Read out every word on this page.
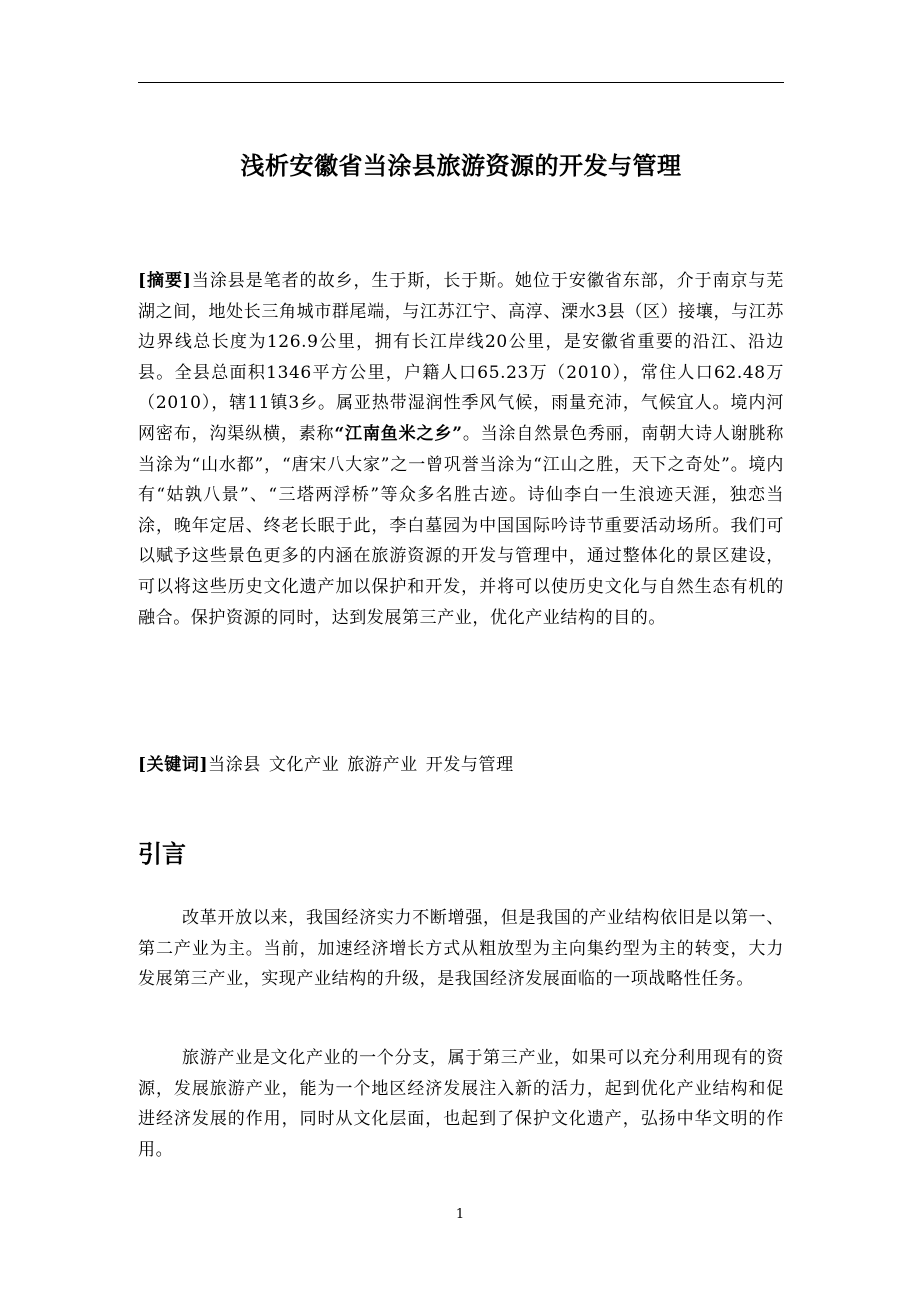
浅析安徽省当涂县旅游资源的开发与管理
[摘要]当涂县是笔者的故乡，生于斯，长于斯。她位于安徽省东部，介于南京与芜湖之间，地处长三角城市群尾端，与江苏江宁、高淳、溧水3县（区）接壤，与江苏边界线总长度为126.9公里，拥有长江岸线20公里，是安徽省重要的沿江、沿边县。全县总面积1346平方公里，户籍人口65.23万（2010），常住人口62.48万（2010），辖11镇3乡。属亚热带湿润性季风气候，雨量充沛，气候宜人。境内河网密布，沟渠纵横，素称“江南鱼米之乡”。当涂自然景色秀丽，南朝大诗人谢朓称当涂为“山水都”，“唐宋八大家”之一曾巩誉当涂为“江山之胜，天下之奇处”。境内有“姑孰八景”、“三塔两浮桥”等众多名胜古迹。诗仙李白一生浪迹天涯，独恋当涂，晚年定居、终老长眠于此，李白墓园为中国国际吟诗节重要活动场所。我们可以赋予这些景色更多的内涵在旅游资源的开发与管理中，通过整体化的景区建设，可以将这些历史文化遗产加以保护和开发，并将可以使历史文化与自然生态有机的融合。保护资源的同时，达到发展第三产业，优化产业结构的目的。
[关键词]当涂县 文化产业 旅游产业 开发与管理
引言
改革开放以来，我国经济实力不断增强，但是我国的产业结构依旧是以第一、第二产业为主。当前，加速经济增长方式从粗放型为主向集约型为主的转变，大力发展第三产业，实现产业结构的升级，是我国经济发展面临的一项战略性任务。
旅游产业是文化产业的一个分支，属于第三产业，如果可以充分利用现有的资源，发展旅游产业，能为一个地区经济发展注入新的活力，起到优化产业结构和促进经济发展的作用，同时从文化层面，也起到了保护文化遗产，弘扬中华文明的作用。
1
